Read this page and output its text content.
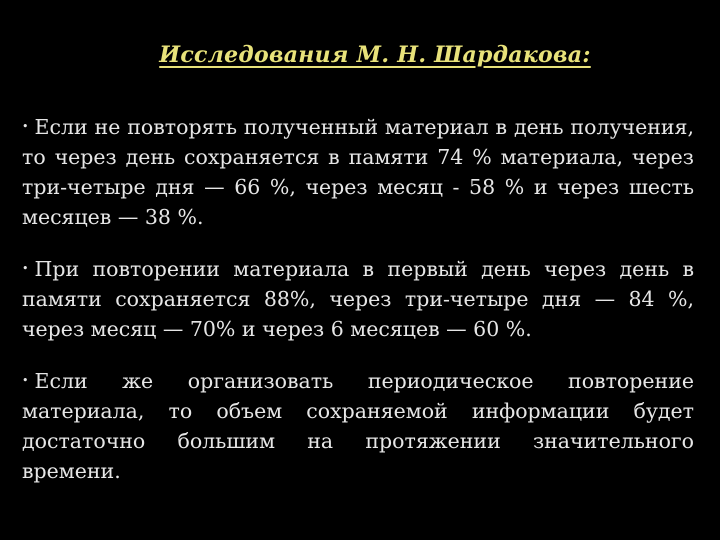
Исследования М. Н. Шардакова:

• Если не повторять полученный материал в день получения, то через день сохраняется в памяти 74 % материала, через три-четыре дня — 66 %, через месяц - 58 % и через шесть месяцев — 38 %.

• При повторении материала в первый день через день в памяти сохраняется 88%, через три-четыре дня — 84 %, через месяц — 70% и через 6 месяцев — 60 %.

• Если же организовать периодическое повторение материала, то объем сохраняемой информации будет достаточно большим на протяжении значительного времени.
